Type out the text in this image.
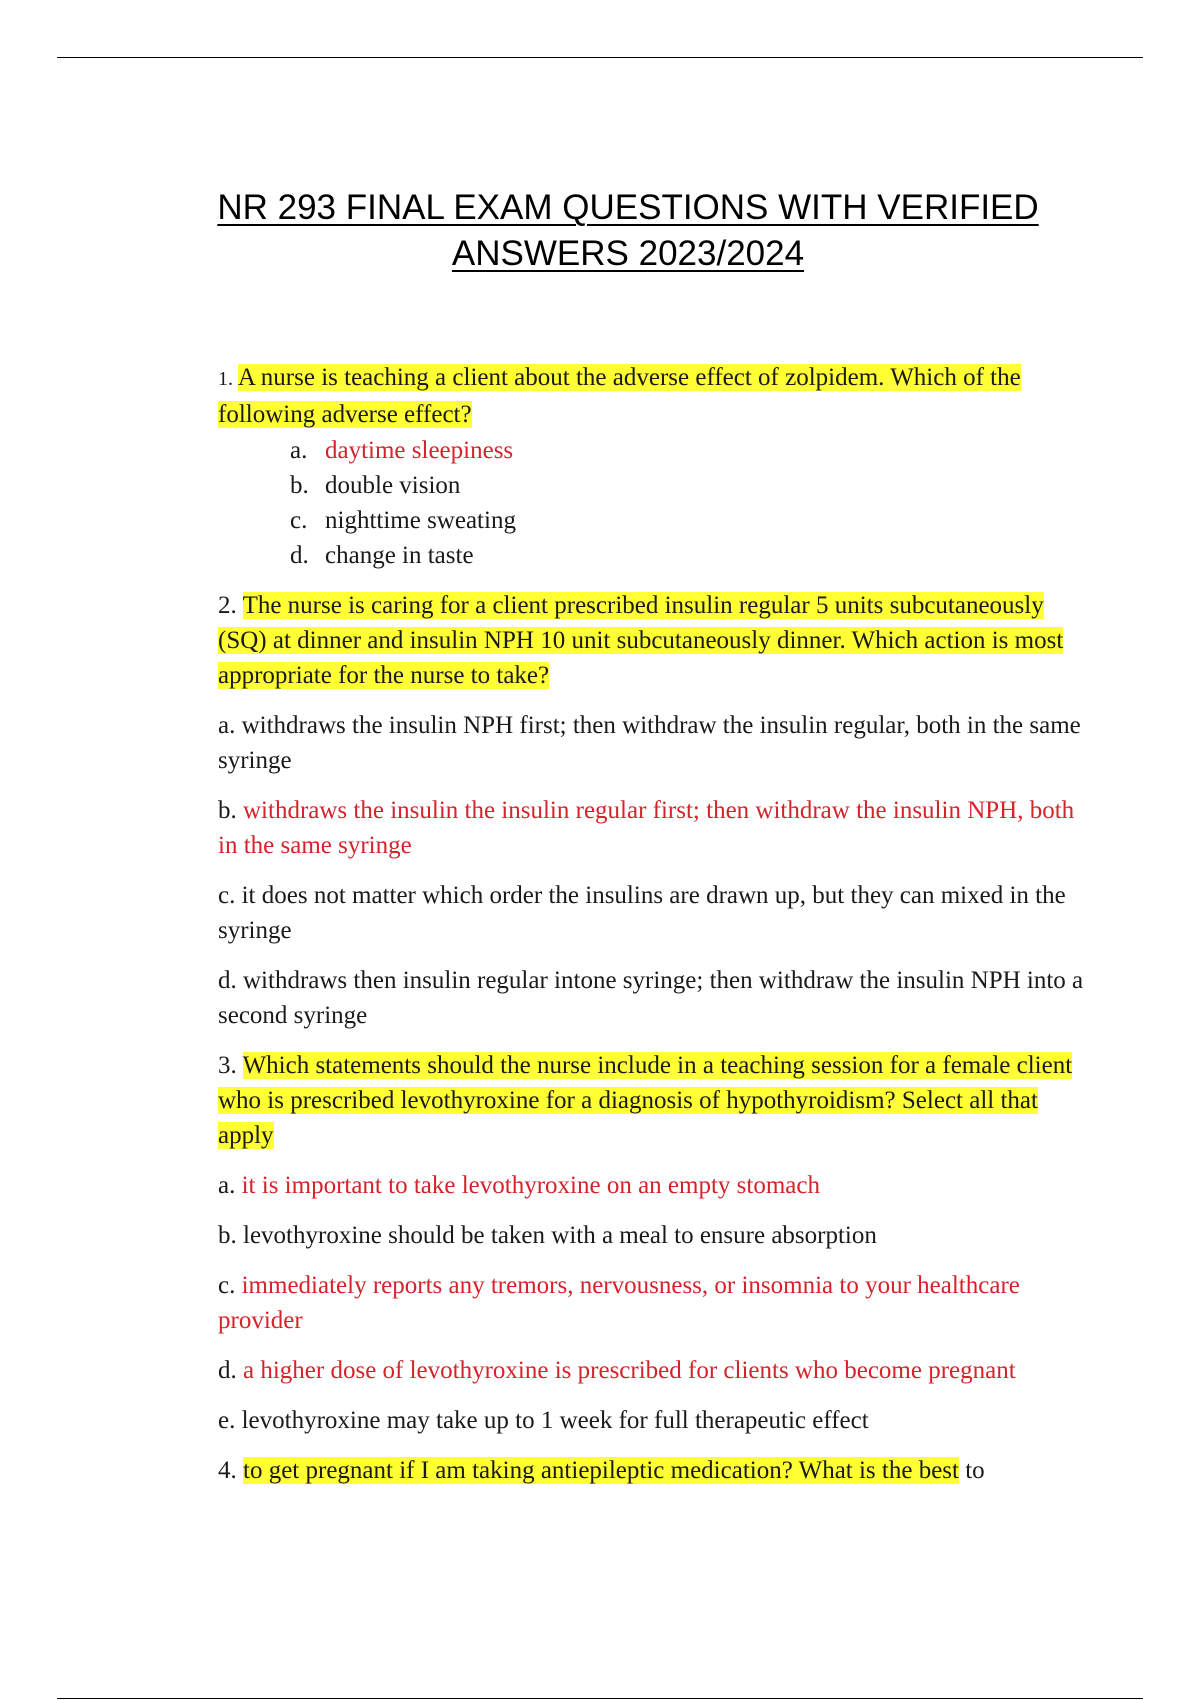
NR 293 FINAL EXAM QUESTIONS WITH VERIFIED
ANSWERS 2023/2024
1. A nurse is teaching a client about the adverse effect of zolpidem. Which of the following adverse effect?
a. daytime sleepiness
b. double vision
c. nighttime sweating
d. change in taste
2. The nurse is caring for a client prescribed insulin regular 5 units subcutaneously (SQ) at dinner and insulin NPH 10 unit subcutaneously dinner. Which action is most appropriate for the nurse to take?
a. withdraws the insulin NPH first; then withdraw the insulin regular, both in the same syringe
b. withdraws the insulin the insulin regular first; then withdraw the insulin NPH, both in the same syringe
c. it does not matter which order the insulins are drawn up, but they can mixed in the syringe
d. withdraws then insulin regular intone syringe; then withdraw the insulin NPH into a second syringe
3. Which statements should the nurse include in a teaching session for a female client who is prescribed levothyroxine for a diagnosis of hypothyroidism? Select all that apply
a. it is important to take levothyroxine on an empty stomach
b. levothyroxine should be taken with a meal to ensure absorption
c. immediately reports any tremors, nervousness, or insomnia to your healthcare provider
d. a higher dose of levothyroxine is prescribed for clients who become pregnant
e. levothyroxine may take up to 1 week for full therapeutic effect
4. to get pregnant if I am taking antiepileptic medication? What is the best to
